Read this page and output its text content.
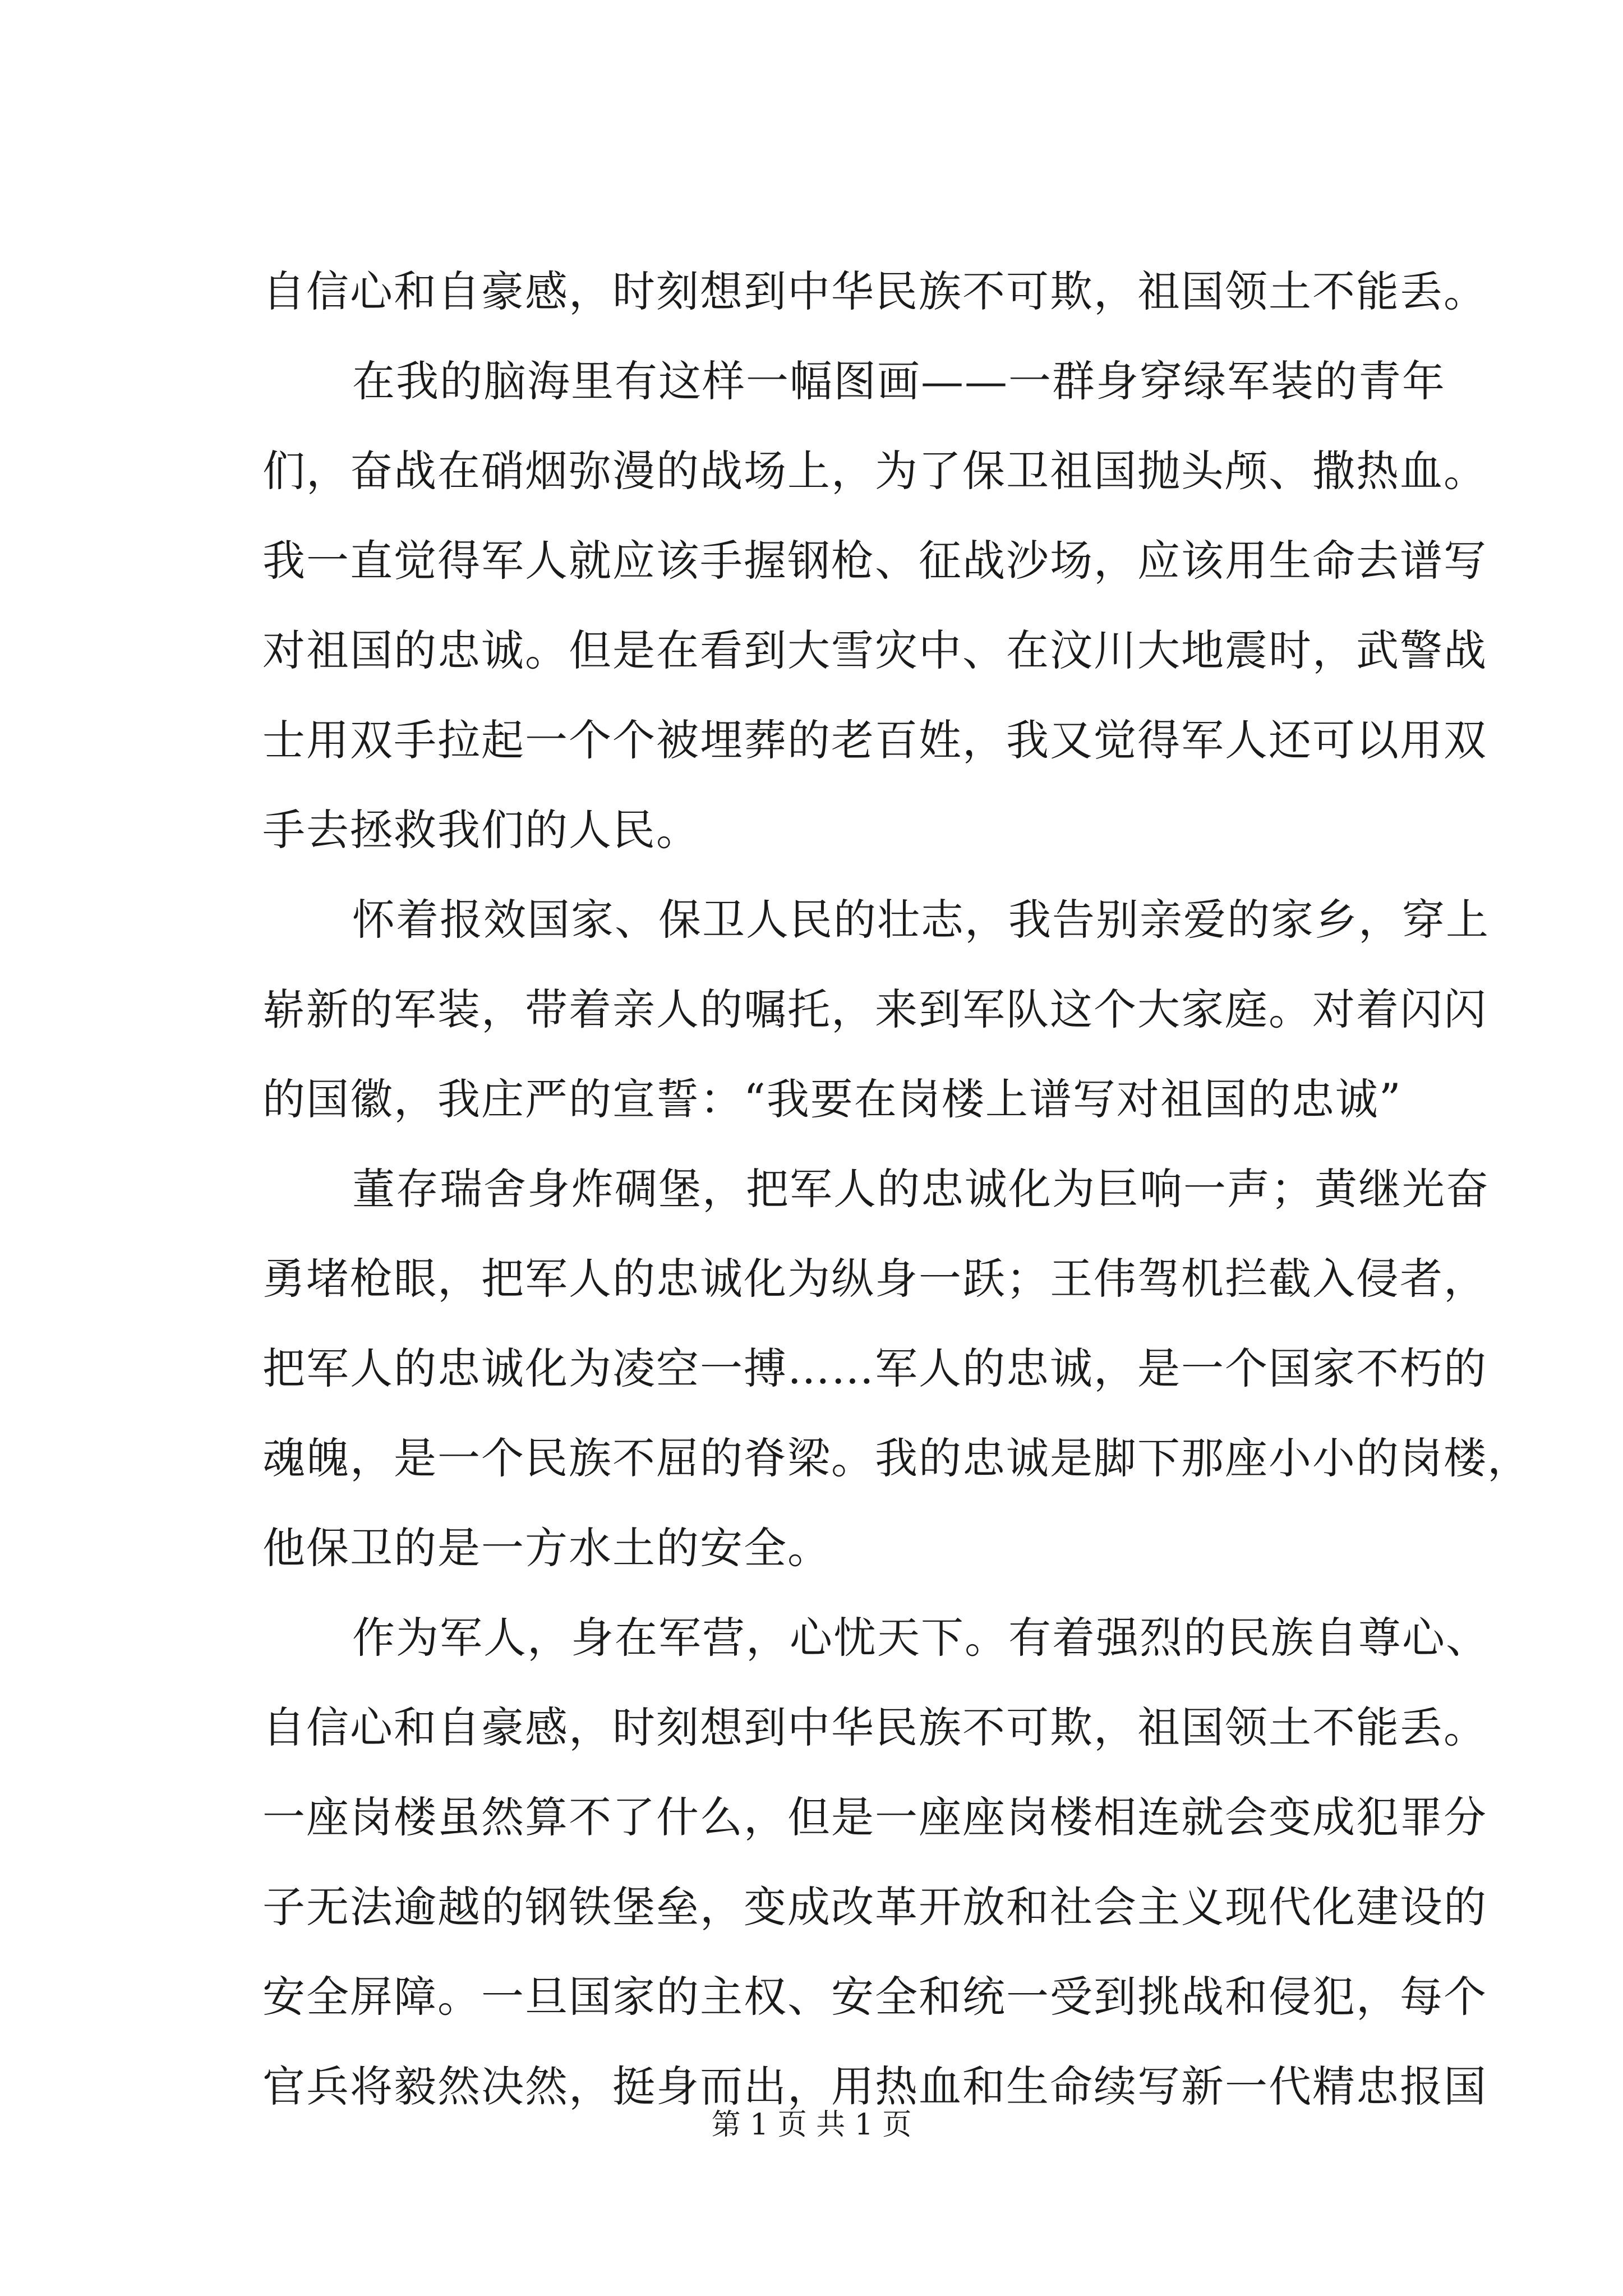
自信心和自豪感，时刻想到中华民族不可欺，祖国领土不能丢。
在我的脑海里有这样一幅图画——一群身穿绿军装的青年
们，奋战在硝烟弥漫的战场上，为了保卫祖国抛头颅、撒热血。
我一直觉得军人就应该手握钢枪、征战沙场，应该用生命去谱写
对祖国的忠诚。但是在看到大雪灾中、在汶川大地震时，武警战
士用双手拉起一个个被埋葬的老百姓，我又觉得军人还可以用双
手去拯救我们的人民。
怀着报效国家、保卫人民的壮志，我告别亲爱的家乡，穿上
崭新的军装，带着亲人的嘱托，来到军队这个大家庭。对着闪闪
的国徽，我庄严的宣誓：“我要在岗楼上谱写对祖国的忠诚”
董存瑞舍身炸碉堡，把军人的忠诚化为巨响一声；黄继光奋
勇堵枪眼，把军人的忠诚化为纵身一跃；王伟驾机拦截入侵者，
把军人的忠诚化为凌空一搏……军人的忠诚，是一个国家不朽的
魂魄，是一个民族不屈的脊梁。我的忠诚是脚下那座小小的岗楼，
他保卫的是一方水土的安全。
作为军人，身在军营，心忧天下。有着强烈的民族自尊心、
自信心和自豪感，时刻想到中华民族不可欺，祖国领土不能丢。
一座岗楼虽然算不了什么，但是一座座岗楼相连就会变成犯罪分
子无法逾越的钢铁堡垒，变成改革开放和社会主义现代化建设的
安全屏障。一旦国家的主权、安全和统一受到挑战和侵犯，每个
官兵将毅然决然，挺身而出，用热血和生命续写新一代精忠报国
第 1 页 共 1 页
